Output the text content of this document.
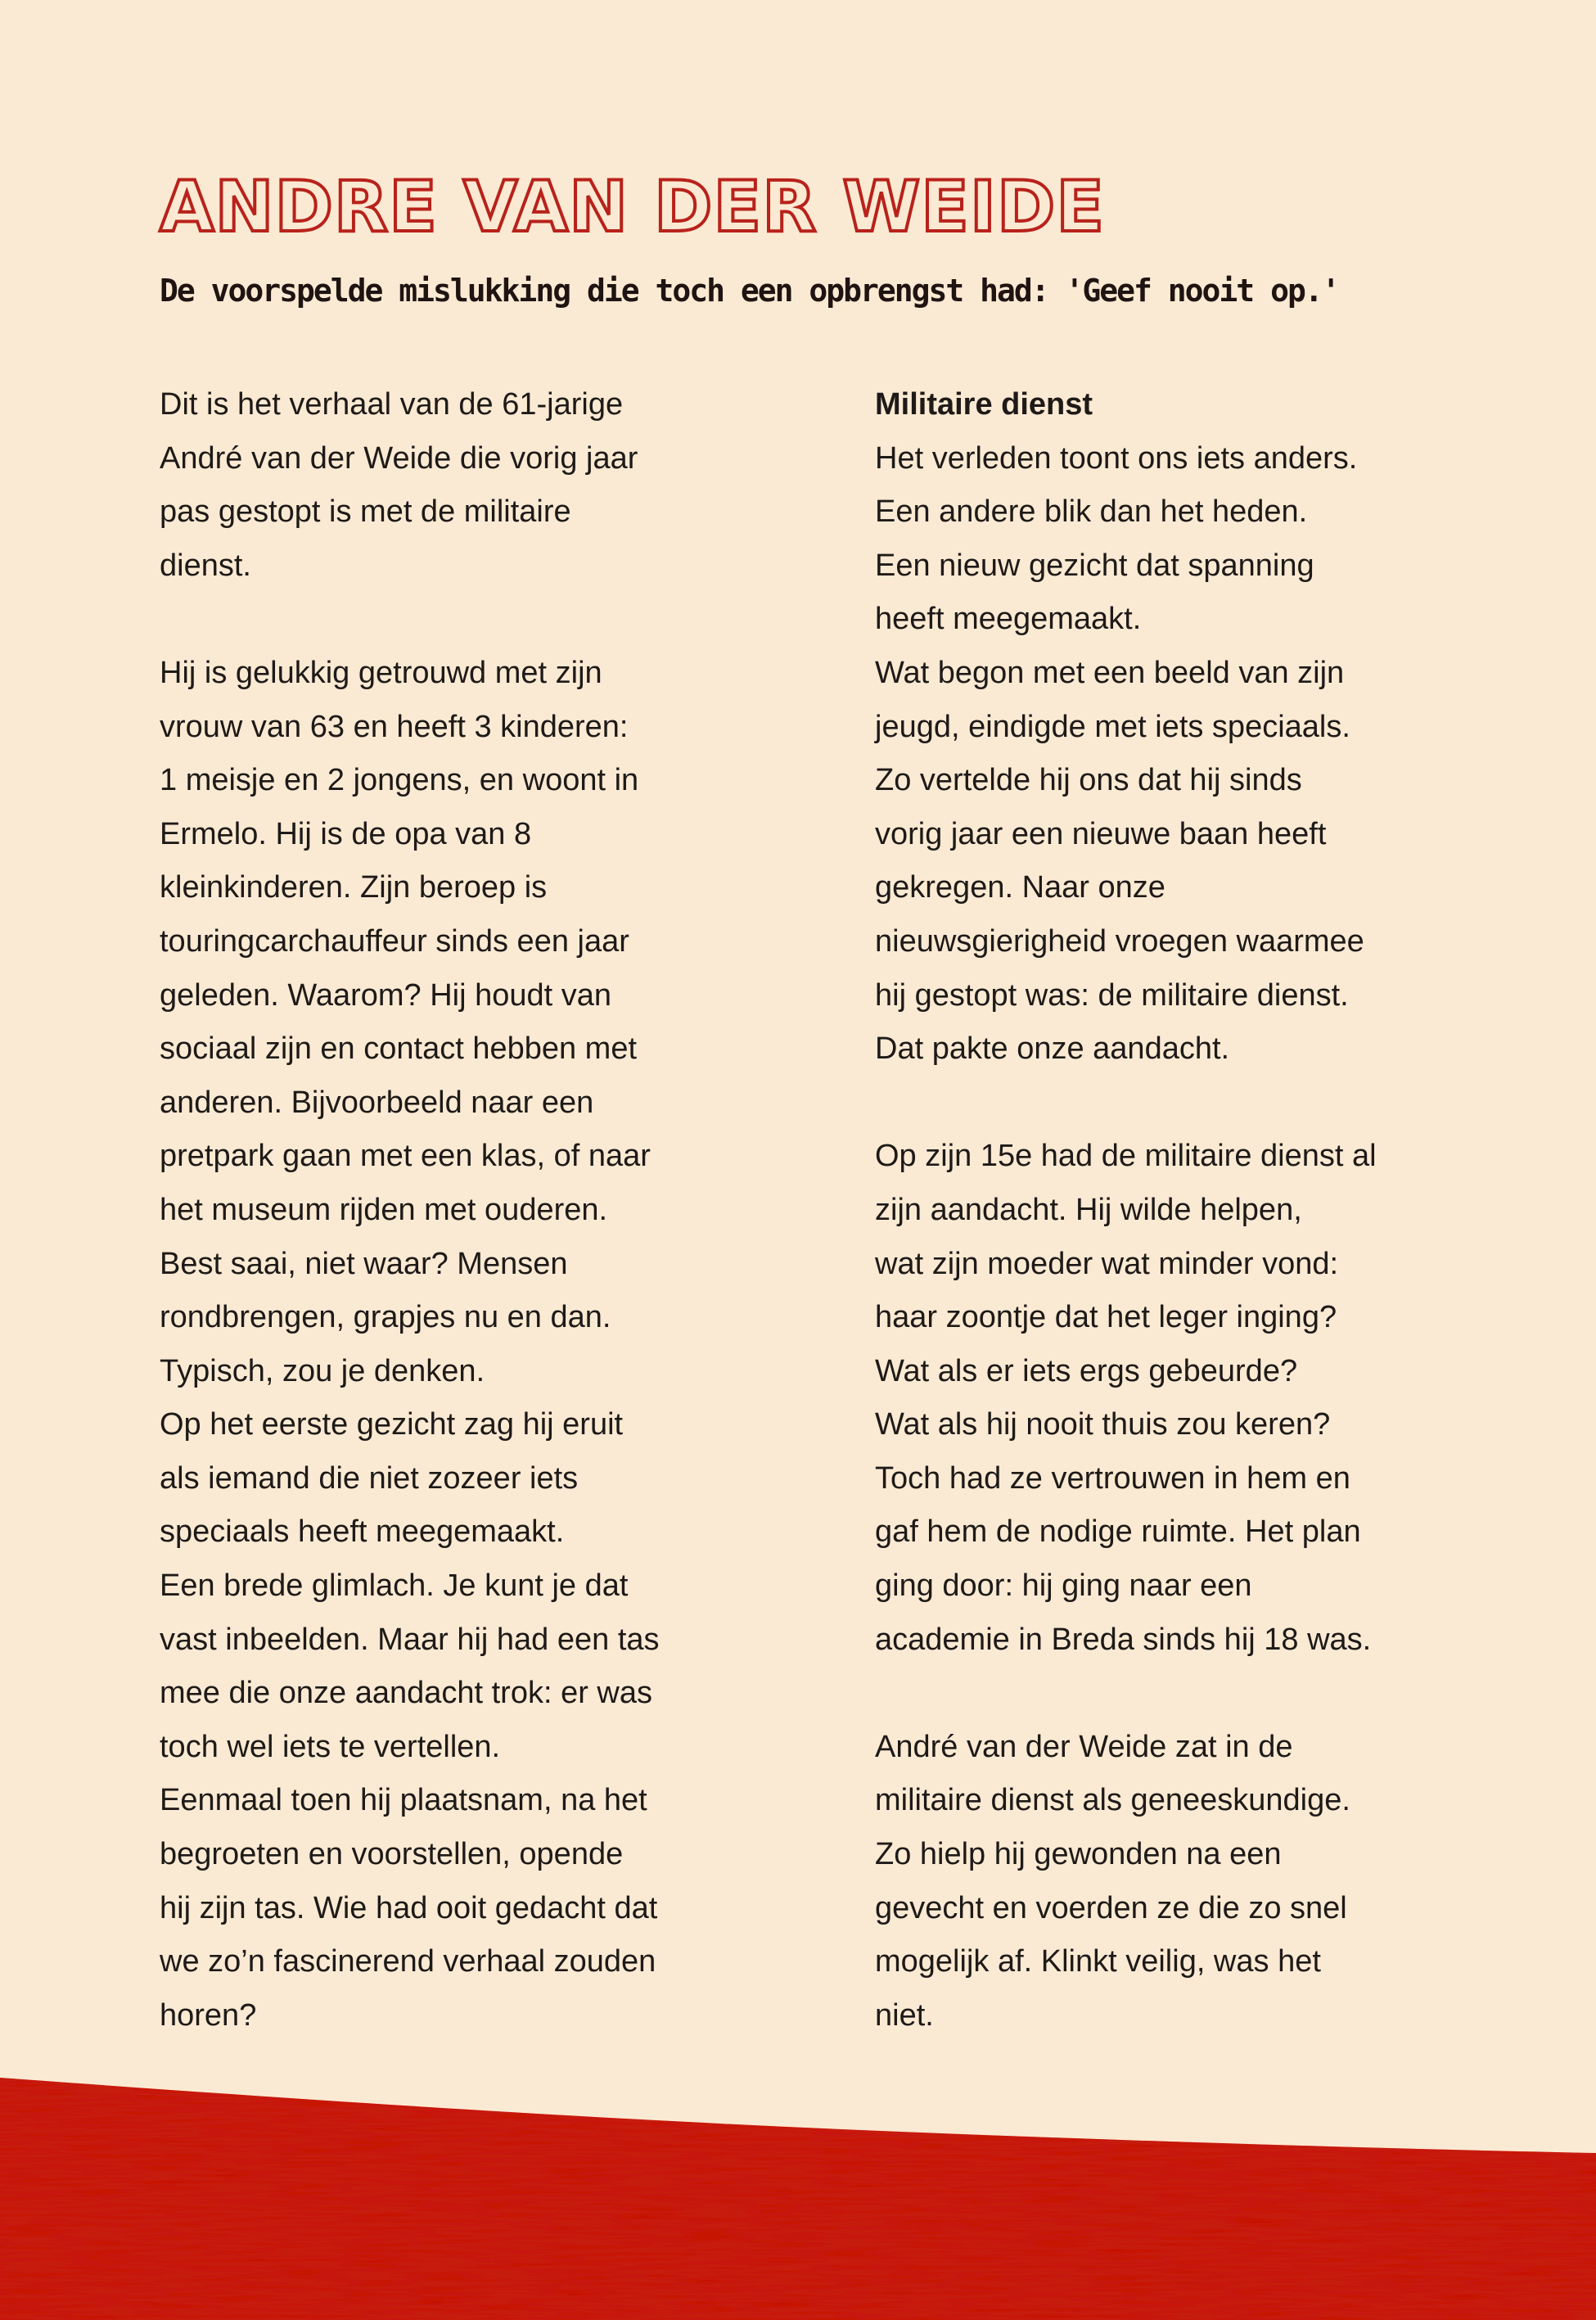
ANDRE VAN DER WEIDE

De voorspelde mislukking die toch een opbrengst had: 'Geef nooit op.'

Dit is het verhaal van de 61-jarige
André van der Weide die vorig jaar
pas gestopt is met de militaire
dienst.
Hij is gelukkig getrouwd met zijn
vrouw van 63 en heeft 3 kinderen:
1 meisje en 2 jongens, en woont in
Ermelo. Hij is de opa van 8
kleinkinderen. Zijn beroep is
touringcarchauffeur sinds een jaar
geleden. Waarom? Hij houdt van
sociaal zijn en contact hebben met
anderen. Bijvoorbeeld naar een
pretpark gaan met een klas, of naar
het museum rijden met ouderen.
Best saai, niet waar? Mensen
rondbrengen, grapjes nu en dan.
Typisch, zou je denken.
Op het eerste gezicht zag hij eruit
als iemand die niet zozeer iets
speciaals heeft meegemaakt.
Een brede glimlach. Je kunt je dat
vast inbeelden. Maar hij had een tas
mee die onze aandacht trok: er was
toch wel iets te vertellen.
Eenmaal toen hij plaatsnam, na het
begroeten en voorstellen, opende
hij zijn tas. Wie had ooit gedacht dat
we zo’n fascinerend verhaal zouden
horen?
Militaire dienst
Het verleden toont ons iets anders.
Een andere blik dan het heden.
Een nieuw gezicht dat spanning
heeft meegemaakt.
Wat begon met een beeld van zijn
jeugd, eindigde met iets speciaals.
Zo vertelde hij ons dat hij sinds
vorig jaar een nieuwe baan heeft
gekregen. Naar onze
nieuwsgierigheid vroegen waarmee
hij gestopt was: de militaire dienst.
Dat pakte onze aandacht.
Op zijn 15e had de militaire dienst al
zijn aandacht. Hij wilde helpen,
wat zijn moeder wat minder vond:
haar zoontje dat het leger inging?
Wat als er iets ergs gebeurde?
Wat als hij nooit thuis zou keren?
Toch had ze vertrouwen in hem en
gaf hem de nodige ruimte. Het plan
ging door: hij ging naar een
academie in Breda sinds hij 18 was.
André van der Weide zat in de
militaire dienst als geneeskundige.
Zo hielp hij gewonden na een
gevecht en voerden ze die zo snel
mogelijk af. Klinkt veilig, was het
niet.
